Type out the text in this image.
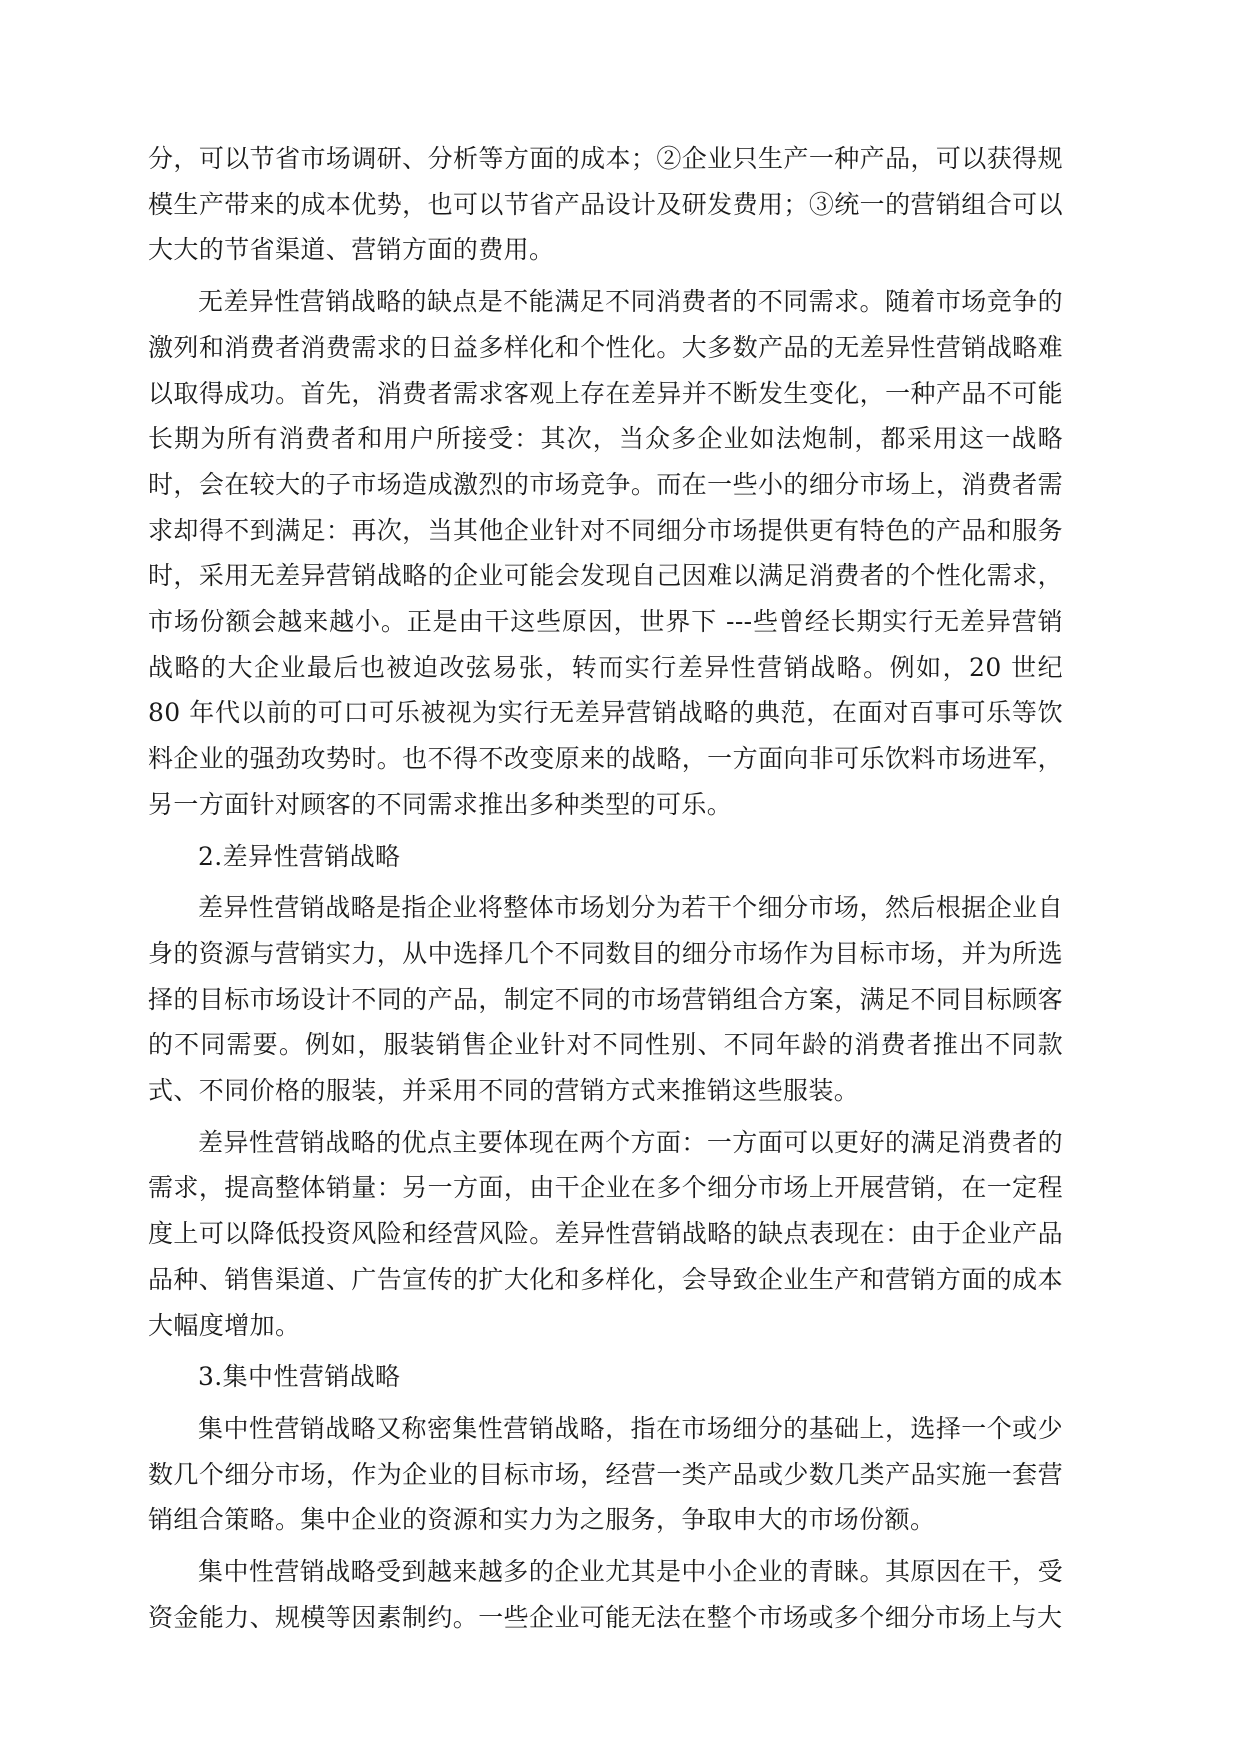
分，可以节省市场调研、分析等方面的成本；②企业只生产一种产品，可以获得规模生产带来的成本优势，也可以节省产品设计及研发费用；③统一的营销组合可以大大的节省渠道、营销方面的费用。

无差异性营销战略的缺点是不能满足不同消费者的不同需求。随着市场竞争的激列和消费者消费需求的日益多样化和个性化。大多数产品的无差异性营销战略难以取得成功。首先，消费者需求客观上存在差异并不断发生变化，一种产品不可能长期为所有消费者和用户所接受：其次，当众多企业如法炮制，都采用这一战略时，会在较大的子市场造成激烈的市场竞争。而在一些小的细分市场上，消费者需求却得不到满足：再次，当其他企业针对不同细分市场提供更有特色的产品和服务时，采用无差异营销战略的企业可能会发现自己因难以满足消费者的个性化需求，市场份额会越来越小。正是由干这些原因，世界下 ---些曾经长期实行无差异营销战略的大企业最后也被迫改弦易张，转而实行差异性营销战略。例如，20 世纪 80 年代以前的可口可乐被视为实行无差异营销战略的典范，在面对百事可乐等饮料企业的强劲攻势时。也不得不改变原来的战略，一方面向非可乐饮料市场进军，另一方面针对顾客的不同需求推出多种类型的可乐。

2.差异性营销战略

差异性营销战略是指企业将整体市场划分为若干个细分市场，然后根据企业自身的资源与营销实力，从中选择几个不同数目的细分市场作为目标市场，并为所选择的目标市场设计不同的产品，制定不同的市场营销组合方案，满足不同目标顾客的不同需要。例如，服装销售企业针对不同性别、不同年龄的消费者推出不同款式、不同价格的服装，并采用不同的营销方式来推销这些服装。

差异性营销战略的优点主要体现在两个方面：一方面可以更好的满足消费者的需求，提高整体销量：另一方面，由干企业在多个细分市场上开展营销，在一定程度上可以降低投资风险和经营风险。差异性营销战略的缺点表现在：由于企业产品品种、销售渠道、广告宣传的扩大化和多样化，会导致企业生产和营销方面的成本大幅度增加。

3.集中性营销战略

集中性营销战略又称密集性营销战略，指在市场细分的基础上，选择一个或少数几个细分市场，作为企业的目标市场，经营一类产品或少数几类产品实施一套营销组合策略。集中企业的资源和实力为之服务，争取申大的市场份额。

集中性营销战略受到越来越多的企业尤其是中小企业的青睐。其原因在干，受资金能力、规模等因素制约。一些企业可能无法在整个市场或多个细分市场上与大
